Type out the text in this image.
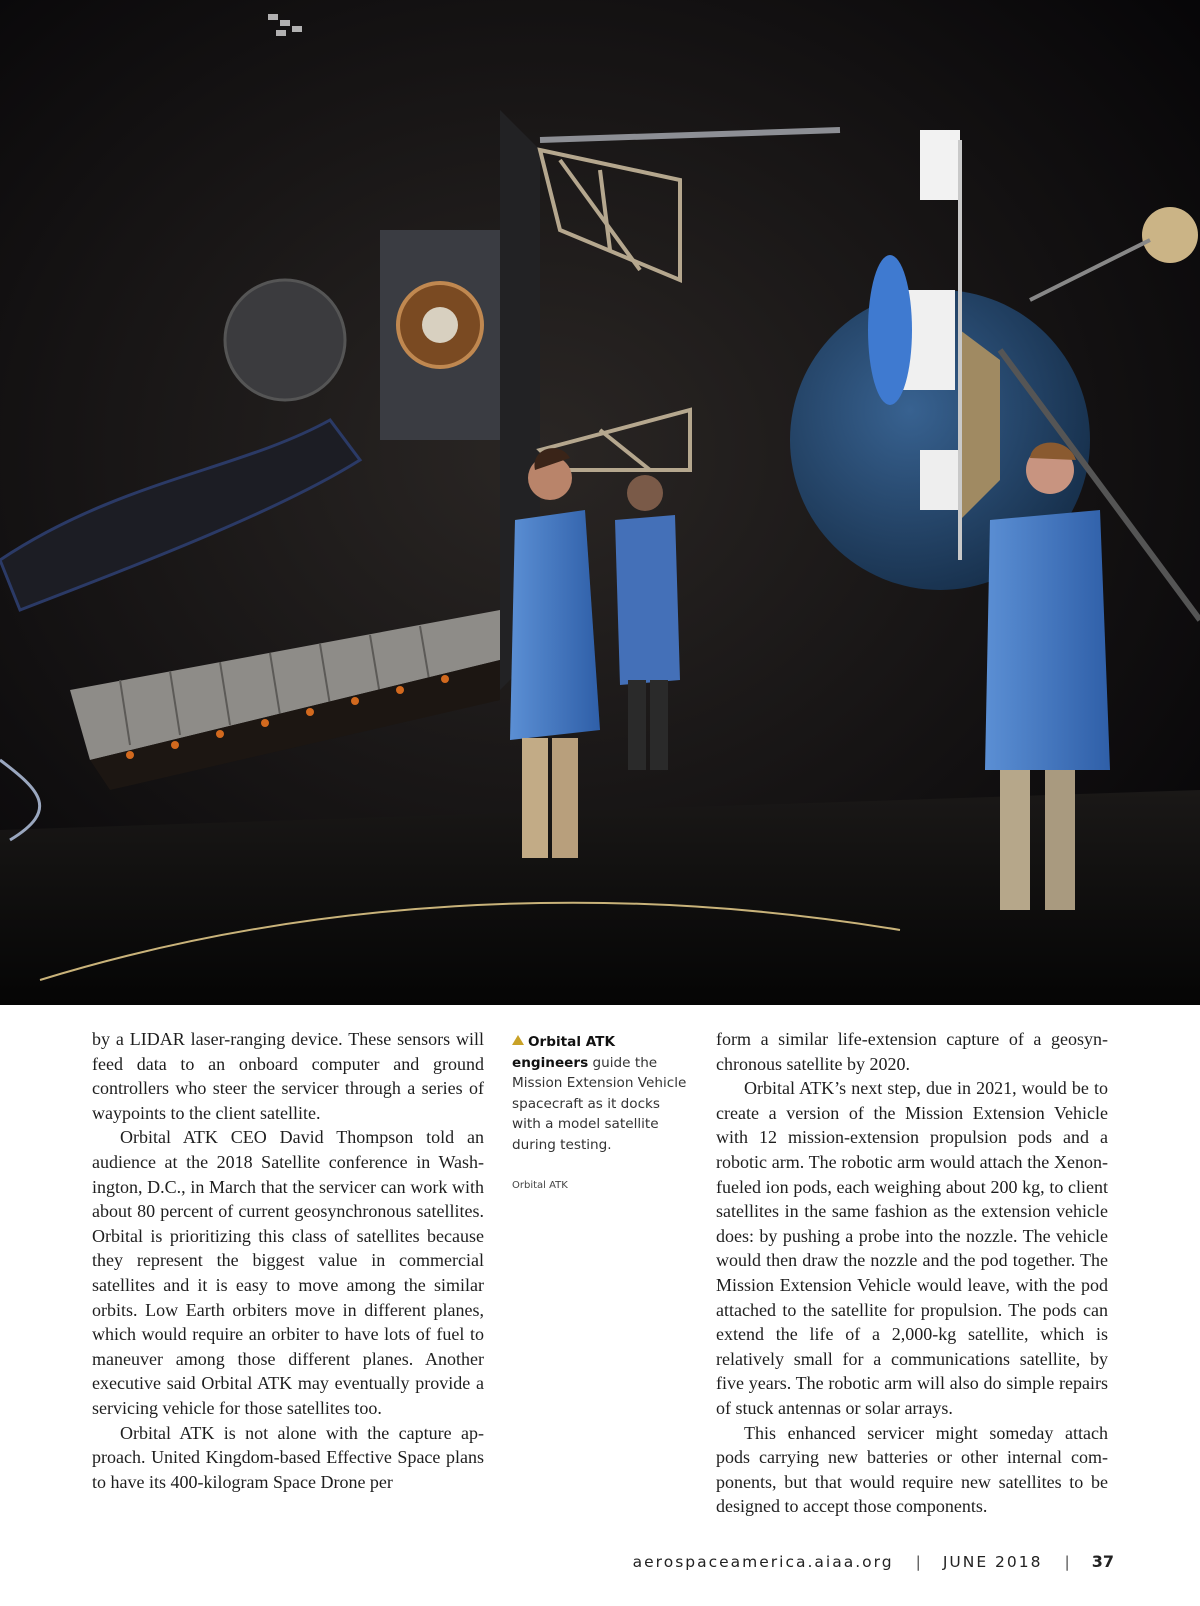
by a LIDAR laser-ranging device. These sensors will feed data to an onboard computer and ground controllers who steer the servicer through a series of waypoints to the client satellite.

Orbital ATK CEO David Thompson told an audience at the 2018 Satellite conference in Washington, D.C., in March that the servicer can work with about 80 percent of current geosynchronous satellites. Orbital is prioritizing this class of satellites because they represent the biggest value in commercial satellites and it is easy to move among the similar orbits. Low Earth orbiters move in different planes, which would require an orbiter to have lots of fuel to maneuver among those different planes. Another executive said Orbital ATK may eventually provide a servicing vehicle for those satellites too.

Orbital ATK is not alone with the capture approach. United Kingdom-based Effective Space plans to have its 400-kilogram Space Drone per

Orbital ATK engineers guide the Mission Extension Vehicle spacecraft as it docks with a model satellite during testing.
Orbital ATK

form a similar life-extension capture of a geosynchronous satellite by 2020.

Orbital ATK’s next step, due in 2021, would be to create a version of the Mission Extension Vehicle with 12 mission-extension propulsion pods and a robotic arm. The robotic arm would attach the Xenon-fueled ion pods, each weighing about 200 kg, to client satellites in the same fashion as the extension vehicle does: by pushing a probe into the nozzle. The vehicle would then draw the nozzle and the pod together. The Mission Extension Vehicle would leave, with the pod attached to the satellite for propulsion. The pods can extend the life of a 2,000-kg satellite, which is relatively small for a communications satellite, by five years. The robotic arm will also do simple repairs of stuck antennas or solar arrays.

This enhanced servicer might someday attach pods carrying new batteries or other internal components, but that would require new satellites to be designed to accept those components.

aerospaceamerica.aiaa.org | JUNE 2018 | 37
